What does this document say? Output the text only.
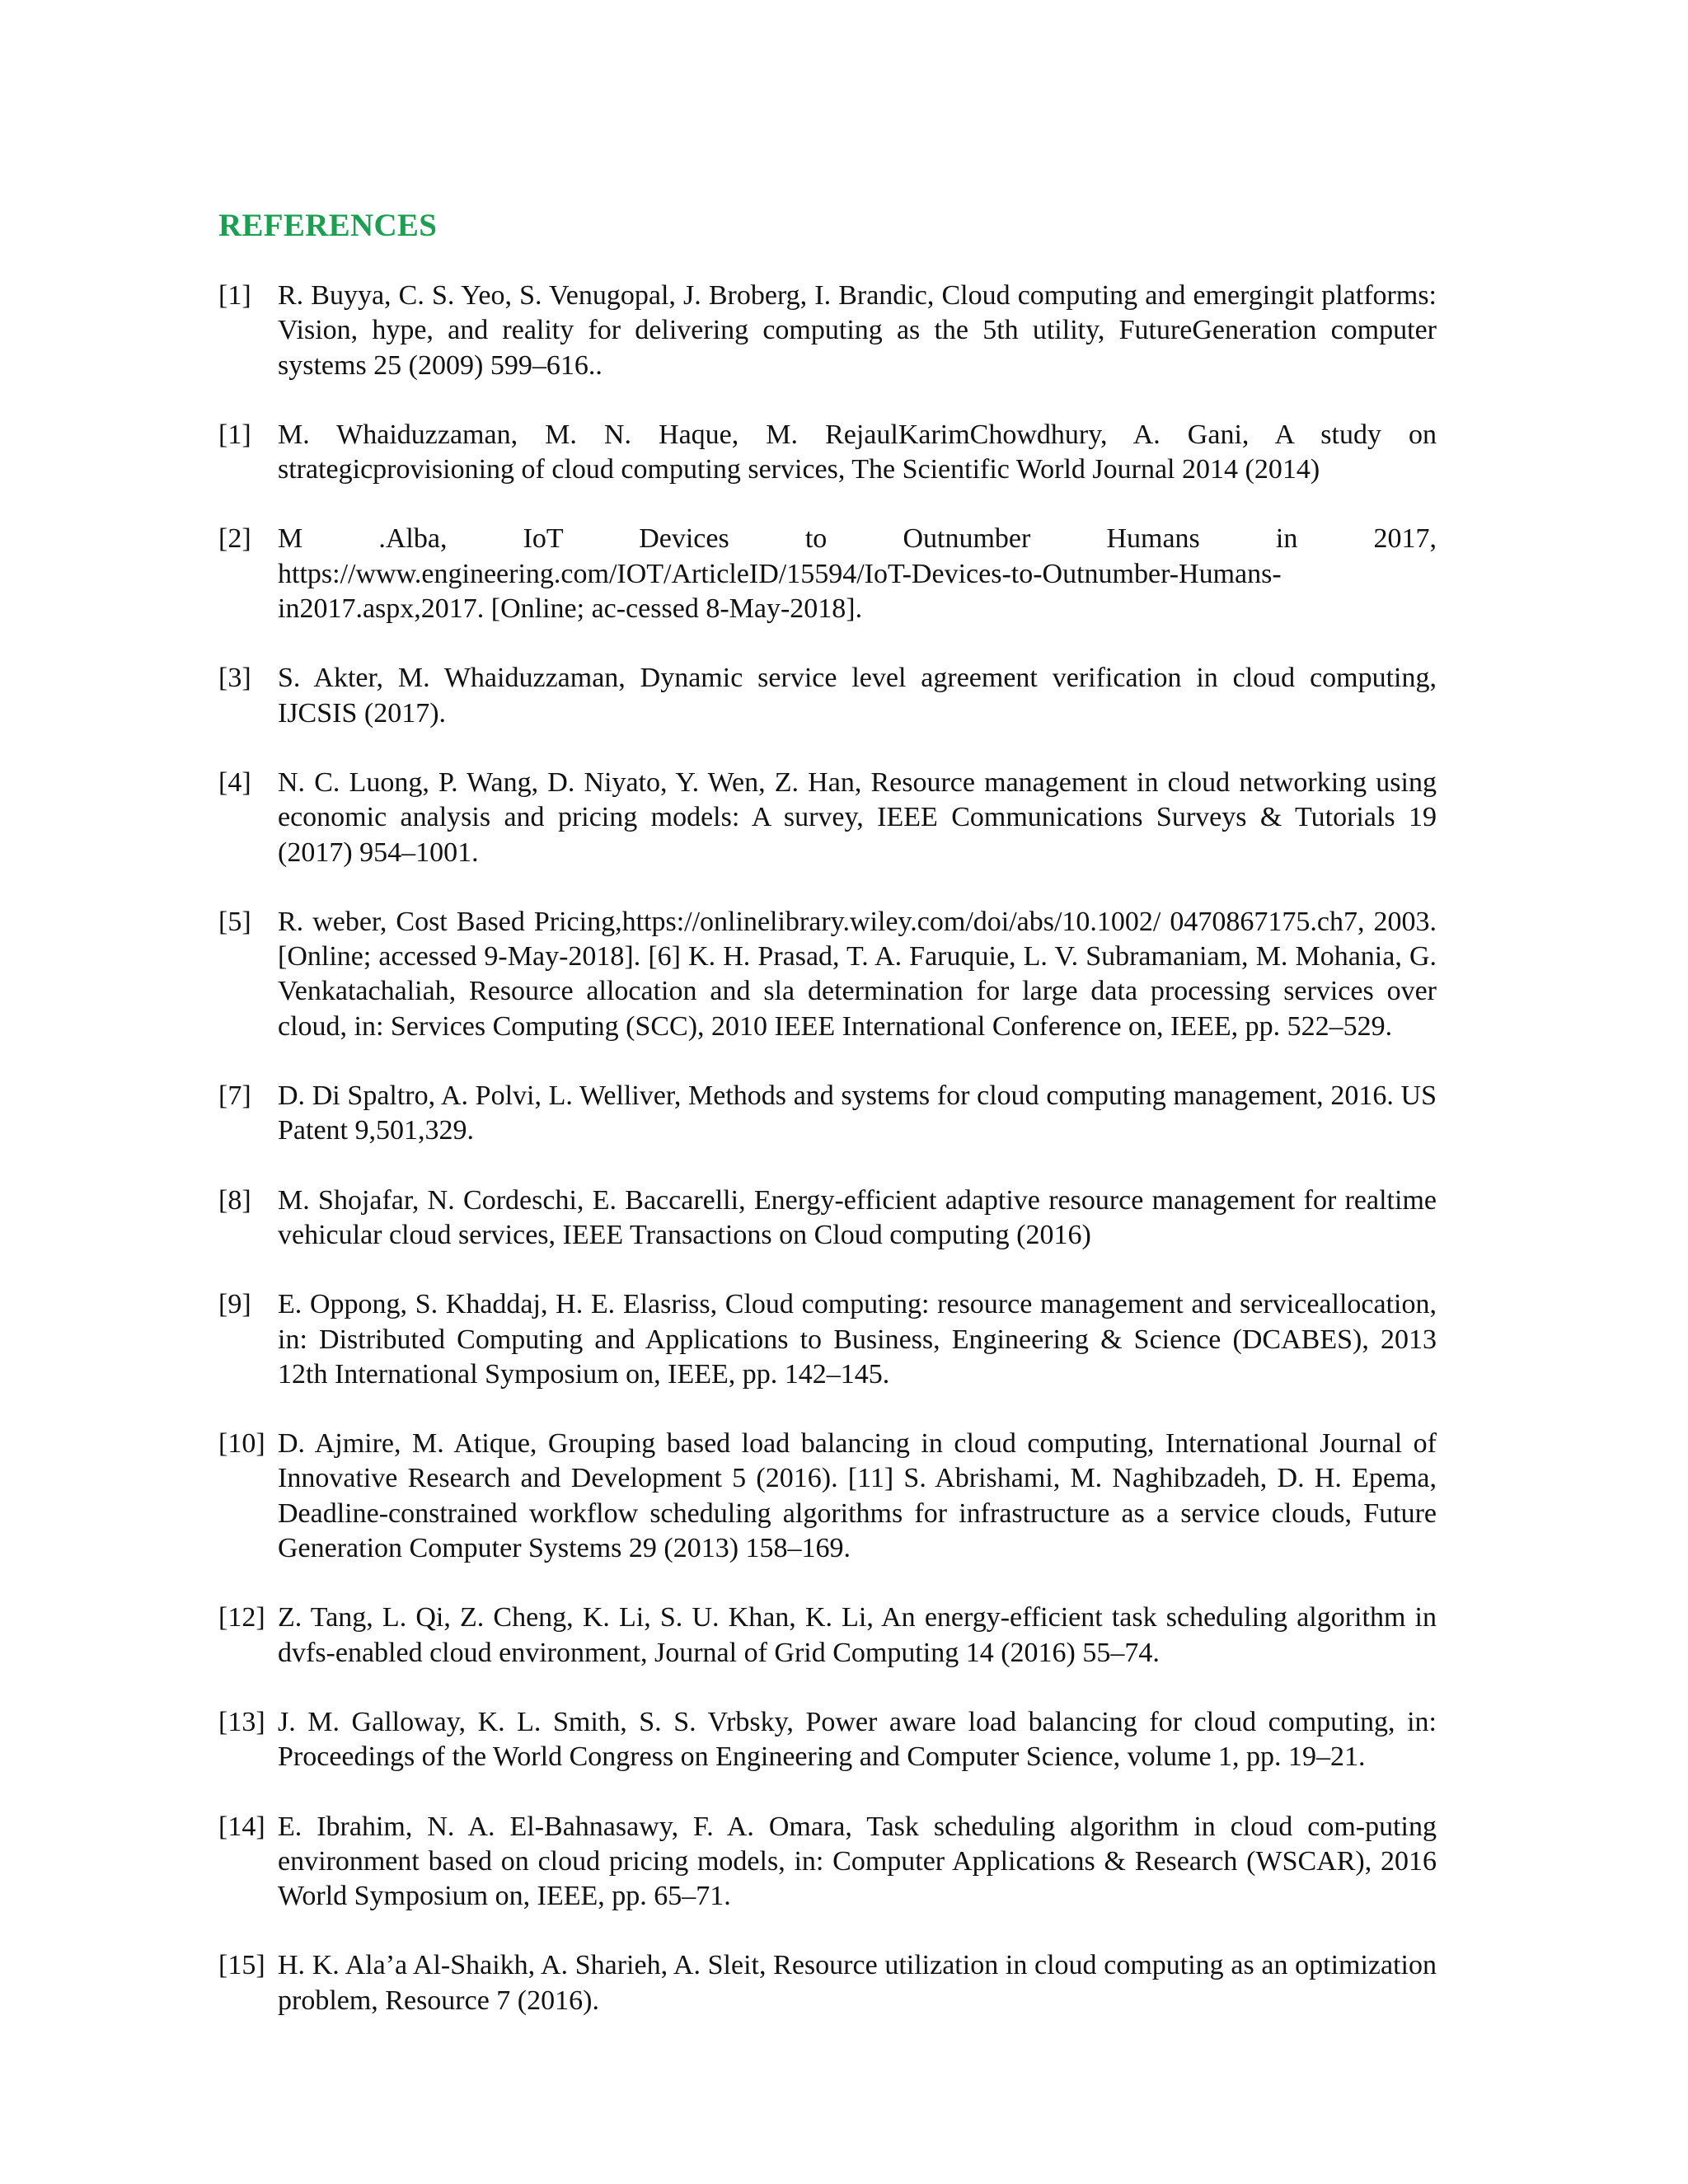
REFERENCES
[1] R. Buyya, C. S. Yeo, S. Venugopal, J. Broberg, I. Brandic, Cloud computing and emergingit platforms: Vision, hype, and reality for delivering computing as the 5th utility, FutureGeneration computer systems 25 (2009) 599–616..
[1] M. Whaiduzzaman, M. N. Haque, M. RejaulKarimChowdhury, A. Gani, A study on strategicprovisioning of cloud computing services, The Scientific World Journal 2014 (2014)
[2] M .Alba, IoT Devices to Outnumber Humans in 2017, https://www.engineering.com/IOT/ArticleID/15594/IoT-Devices-to-Outnumber-Humans-in2017.aspx,2017. [Online; ac-cessed 8-May-2018].
[3] S. Akter, M. Whaiduzzaman, Dynamic service level agreement verification in cloud computing, IJCSIS (2017).
[4] N. C. Luong, P. Wang, D. Niyato, Y. Wen, Z. Han, Resource management in cloud networking using economic analysis and pricing models: A survey, IEEE Communications Surveys & Tutorials 19 (2017) 954–1001.
[5] R. weber, Cost Based Pricing,https://onlinelibrary.wiley.com/doi/abs/10.1002/ 0470867175.ch7, 2003. [Online; accessed 9-May-2018]. [6] K. H. Prasad, T. A. Faruquie, L. V. Subramaniam, M. Mohania, G. Venkatachaliah, Resource allocation and sla determination for large data processing services over cloud, in: Services Computing (SCC), 2010 IEEE International Conference on, IEEE, pp. 522–529.
[7] D. Di Spaltro, A. Polvi, L. Welliver, Methods and systems for cloud computing management, 2016. US Patent 9,501,329.
[8] M. Shojafar, N. Cordeschi, E. Baccarelli, Energy-efficient adaptive resource management for realtime vehicular cloud services, IEEE Transactions on Cloud computing (2016)
[9] E. Oppong, S. Khaddaj, H. E. Elasriss, Cloud computing: resource management and serviceallocation, in: Distributed Computing and Applications to Business, Engineering & Science (DCABES), 2013 12th International Symposium on, IEEE, pp. 142–145.
[10] D. Ajmire, M. Atique, Grouping based load balancing in cloud computing, International Journal of Innovative Research and Development 5 (2016). [11] S. Abrishami, M. Naghibzadeh, D. H. Epema, Deadline-constrained workflow scheduling algorithms for infrastructure as a service clouds, Future Generation Computer Systems 29 (2013) 158–169.
[12] Z. Tang, L. Qi, Z. Cheng, K. Li, S. U. Khan, K. Li, An energy-efficient task scheduling algorithm in dvfs-enabled cloud environment, Journal of Grid Computing 14 (2016) 55–74.
[13] J. M. Galloway, K. L. Smith, S. S. Vrbsky, Power aware load balancing for cloud computing, in: Proceedings of the World Congress on Engineering and Computer Science, volume 1, pp. 19–21.
[14] E. Ibrahim, N. A. El-Bahnasawy, F. A. Omara, Task scheduling algorithm in cloud com-puting environment based on cloud pricing models, in: Computer Applications & Research (WSCAR), 2016 World Symposium on, IEEE, pp. 65–71.
[15] H. K. Ala’a Al-Shaikh, A. Sharieh, A. Sleit, Resource utilization in cloud computing as an optimization problem, Resource 7 (2016).
